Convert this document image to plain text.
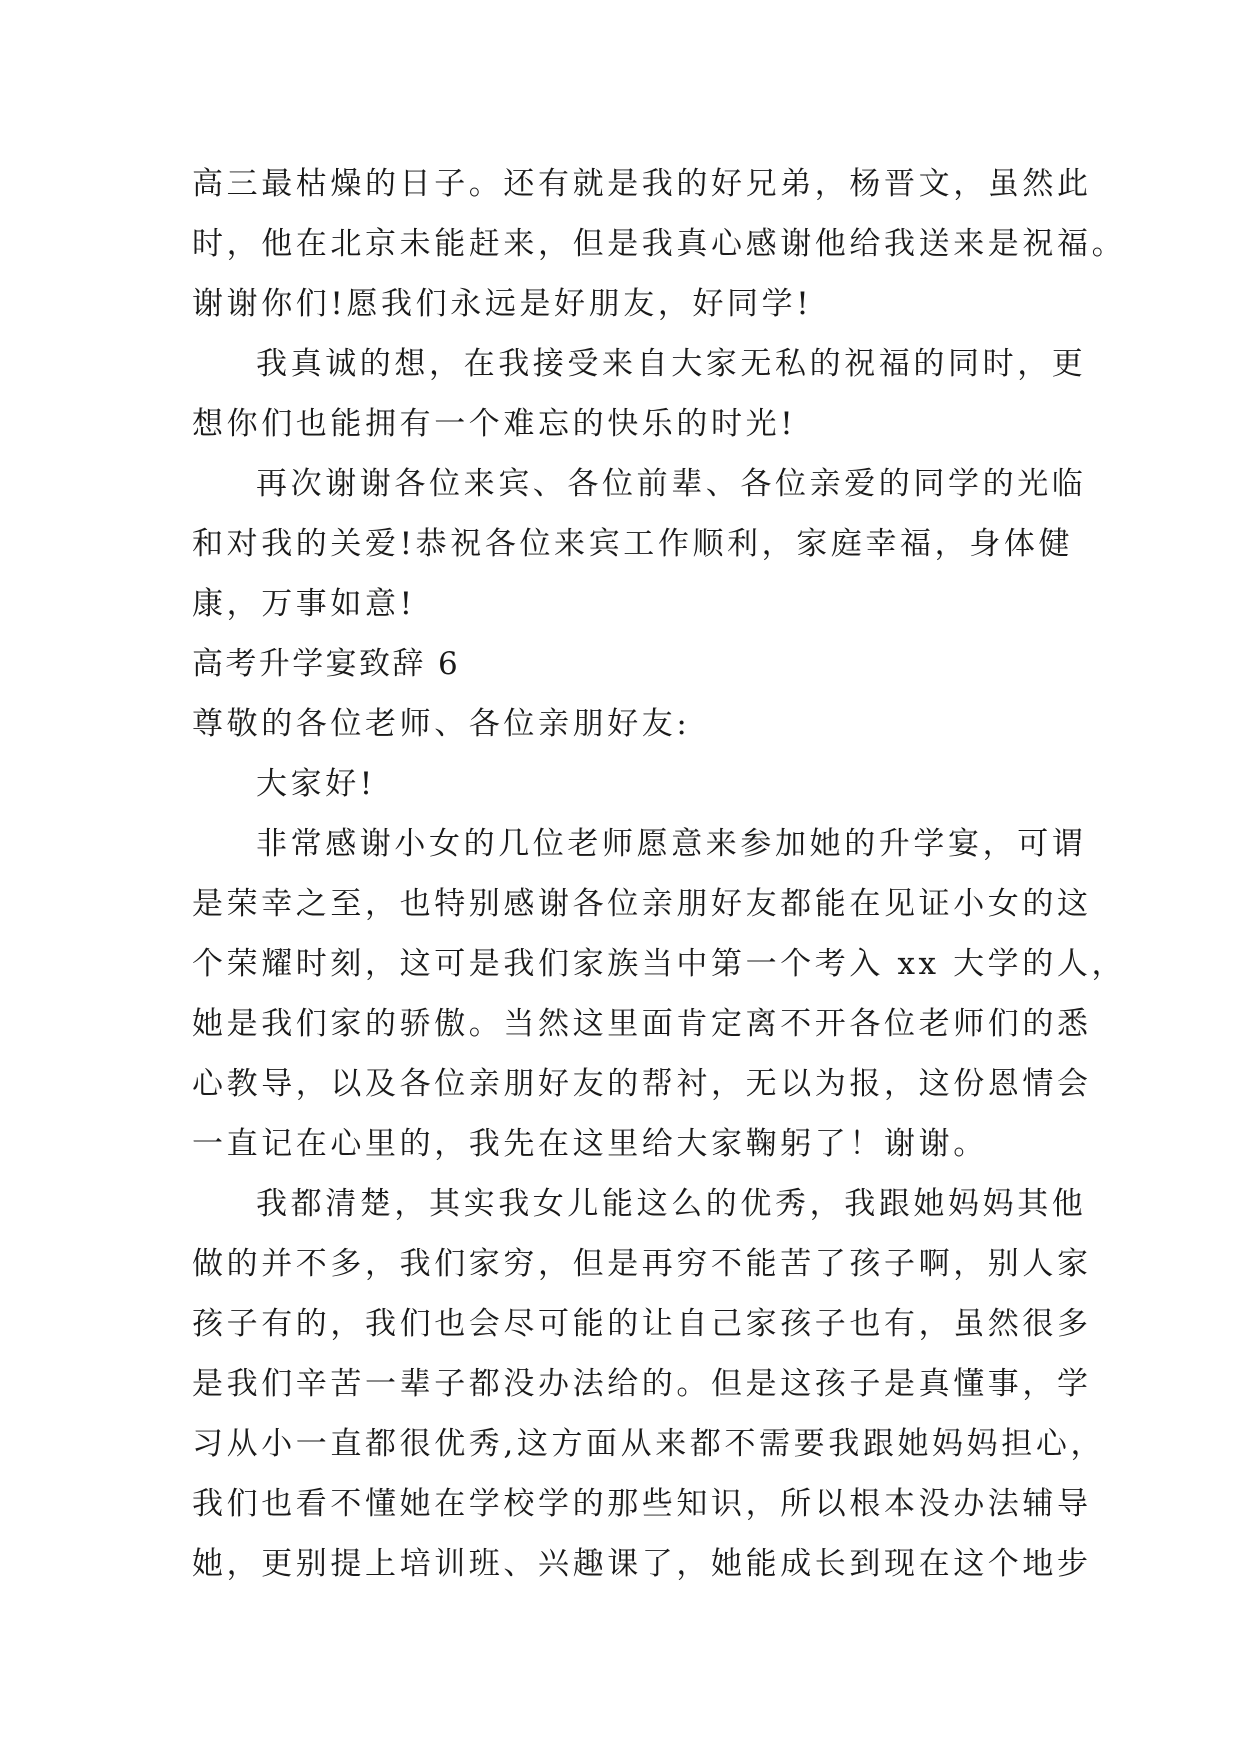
高三最枯燥的日子。还有就是我的好兄弟，杨晋文，虽然此
时，他在北京未能赶来，但是我真心感谢他给我送来是祝福。
谢谢你们!愿我们永远是好朋友，好同学!
我真诚的想，在我接受来自大家无私的祝福的同时，更
想你们也能拥有一个难忘的快乐的时光!
再次谢谢各位来宾、各位前辈、各位亲爱的同学的光临
和对我的关爱!恭祝各位来宾工作顺利，家庭幸福，身体健
康，万事如意!
高考升学宴致辞 6
尊敬的各位老师、各位亲朋好友:
大家好!
非常感谢小女的几位老师愿意来参加她的升学宴，可谓
是荣幸之至，也特别感谢各位亲朋好友都能在见证小女的这
个荣耀时刻，这可是我们家族当中第一个考入 xx 大学的人，
她是我们家的骄傲。当然这里面肯定离不开各位老师们的悉
心教导，以及各位亲朋好友的帮衬，无以为报，这份恩情会
一直记在心里的，我先在这里给大家鞠躬了！谢谢。
我都清楚，其实我女儿能这么的优秀，我跟她妈妈其他
做的并不多，我们家穷，但是再穷不能苦了孩子啊，别人家
孩子有的，我们也会尽可能的让自己家孩子也有，虽然很多
是我们辛苦一辈子都没办法给的。但是这孩子是真懂事，学
习从小一直都很优秀,这方面从来都不需要我跟她妈妈担心，
我们也看不懂她在学校学的那些知识，所以根本没办法辅导
她，更别提上培训班、兴趣课了，她能成长到现在这个地步
